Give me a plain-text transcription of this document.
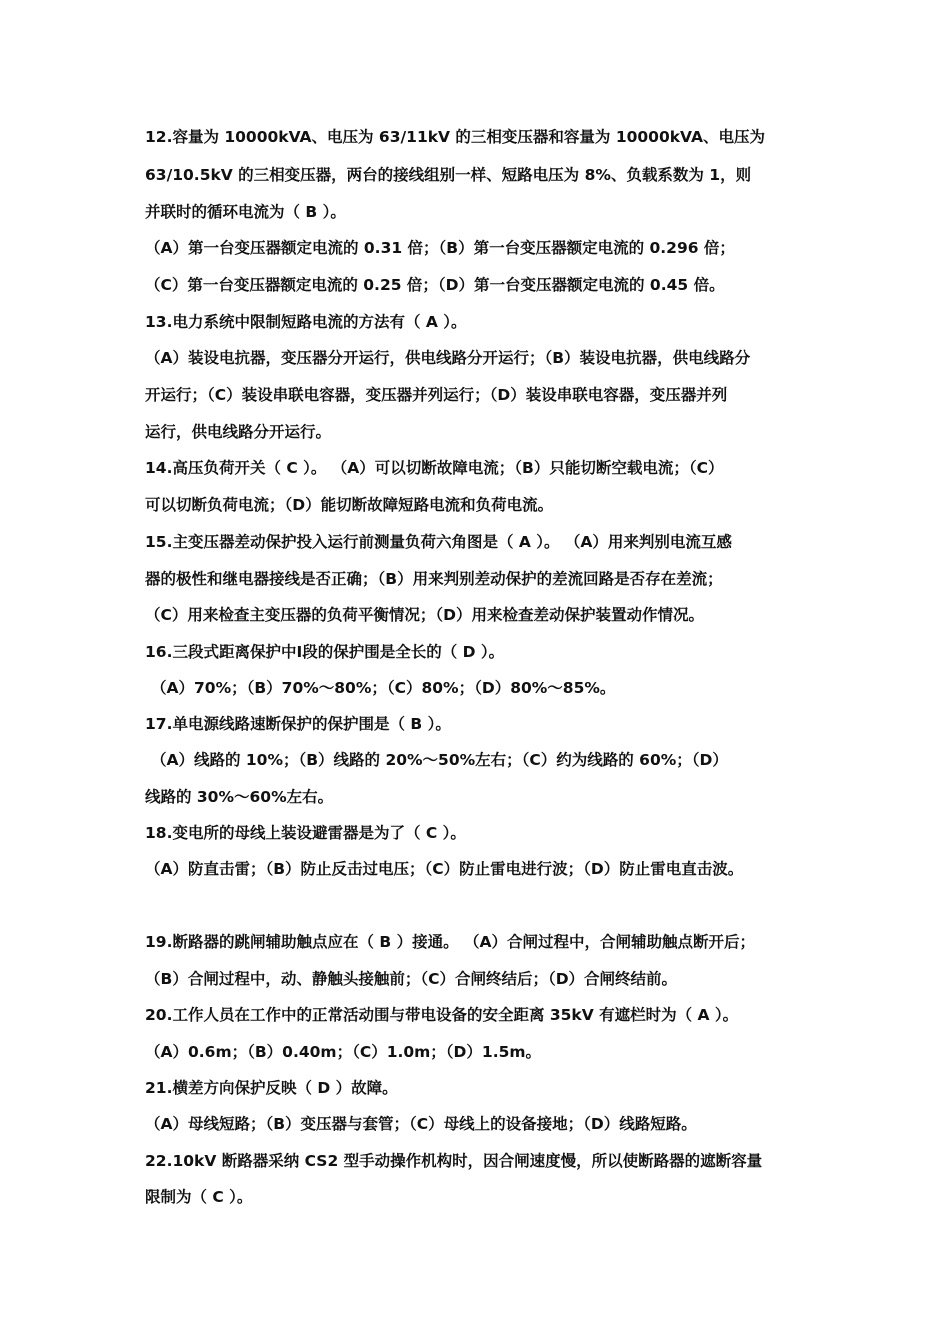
12.容量为 10000kVA、电压为 63/11kV 的三相变压器和容量为 10000kVA、电压为
63/10.5kV 的三相变压器，两台的接线组别一样、短路电压为 8%、负载系数为 1，则
并联时的循环电流为（ B ）。
（A）第一台变压器额定电流的 0.31 倍；（B）第一台变压器额定电流的 0.296 倍；
（C）第一台变压器额定电流的 0.25 倍；（D）第一台变压器额定电流的 0.45 倍。
13.电力系统中限制短路电流的方法有（ A ）。
（A）装设电抗器，变压器分开运行，供电线路分开运行；（B）装设电抗器，供电线路分
开运行；（C）装设串联电容器，变压器并列运行；（D）装设串联电容器，变压器并列
运行，供电线路分开运行。
14.高压负荷开关（ C ）。 （A）可以切断故障电流；（B）只能切断空载电流；（C）
可以切断负荷电流；（D）能切断故障短路电流和负荷电流。
15.主变压器差动保护投入运行前测量负荷六角图是（ A ）。 （A）用来判别电流互感
器的极性和继电器接线是否正确；（B）用来判别差动保护的差流回路是否存在差流；
（C）用来检查主变压器的负荷平衡情况；（D）用来检查差动保护装置动作情况。
16.三段式距离保护中Ⅰ段的保护围是全长的（ D ）。
（A）70%；（B）70%～80%；（C）80%；（D）80%～85%。
17.单电源线路速断保护的保护围是（ B ）。
（A）线路的 10%；（B）线路的 20%～50%左右；（C）约为线路的 60%；（D）
线路的 30%～60%左右。
18.变电所的母线上装设避雷器是为了（ C ）。
（A）防直击雷；（B）防止反击过电压；（C）防止雷电进行波；（D）防止雷电直击波。
19.断路器的跳闸辅助触点应在（ B ）接通。 （A）合闸过程中，合闸辅助触点断开后；
（B）合闸过程中，动、静触头接触前；（C）合闸终结后；（D）合闸终结前。
20.工作人员在工作中的正常活动围与带电设备的安全距离 35kV 有遮栏时为（ A ）。
（A）0.6m；（B）0.40m；（C）1.0m；（D）1.5m。
21.横差方向保护反映（ D ）故障。
（A）母线短路；（B）变压器与套管；（C）母线上的设备接地；（D）线路短路。
22.10kV 断路器采纳 CS2 型手动操作机构时，因合闸速度慢，所以使断路器的遮断容量
限制为（ C ）。
